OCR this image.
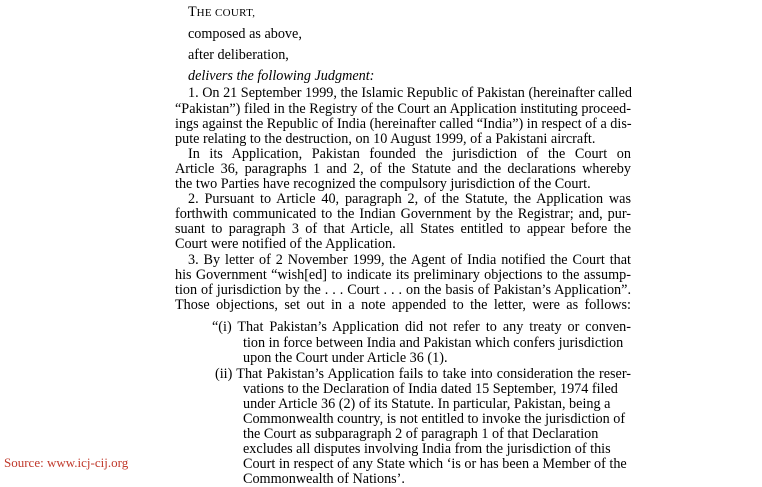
THE COURT,
composed as above,
after deliberation,
delivers the following Judgment:
1. On 21 September 1999, the Islamic Republic of Pakistan (hereinafter called
“Pakistan”) filed in the Registry of the Court an Application instituting proceed-
ings against the Republic of India (hereinafter called “India”) in respect of a dis-
pute relating to the destruction, on 10 August 1999, of a Pakistani aircraft.
In its Application, Pakistan founded the jurisdiction of the Court on
Article 36, paragraphs 1 and 2, of the Statute and the declarations whereby
the two Parties have recognized the compulsory jurisdiction of the Court.
2. Pursuant to Article 40, paragraph 2, of the Statute, the Application was
forthwith communicated to the Indian Government by the Registrar; and, pur-
suant to paragraph 3 of that Article, all States entitled to appear before the
Court were notified of the Application.
3. By letter of 2 November 1999, the Agent of India notified the Court that
his Government “wish[ed] to indicate its preliminary objections to the assump-
tion of jurisdiction by the . . . Court . . . on the basis of Pakistan’s Application”.
Those objections, set out in a note appended to the letter, were as follows:
“(i) That Pakistan’s Application did not refer to any treaty or conven-
tion in force between India and Pakistan which confers jurisdiction
upon the Court under Article 36 (1).
(ii) That Pakistan’s Application fails to take into consideration the reser-
vations to the Declaration of India dated 15 September, 1974 filed
under Article 36 (2) of its Statute. In particular, Pakistan, being a
Commonwealth country, is not entitled to invoke the jurisdiction of
the Court as subparagraph 2 of paragraph 1 of that Declaration
excludes all disputes involving India from the jurisdiction of this
Court in respect of any State which ‘is or has been a Member of the
Commonwealth of Nations’.
Source: www.icj-cij.org
